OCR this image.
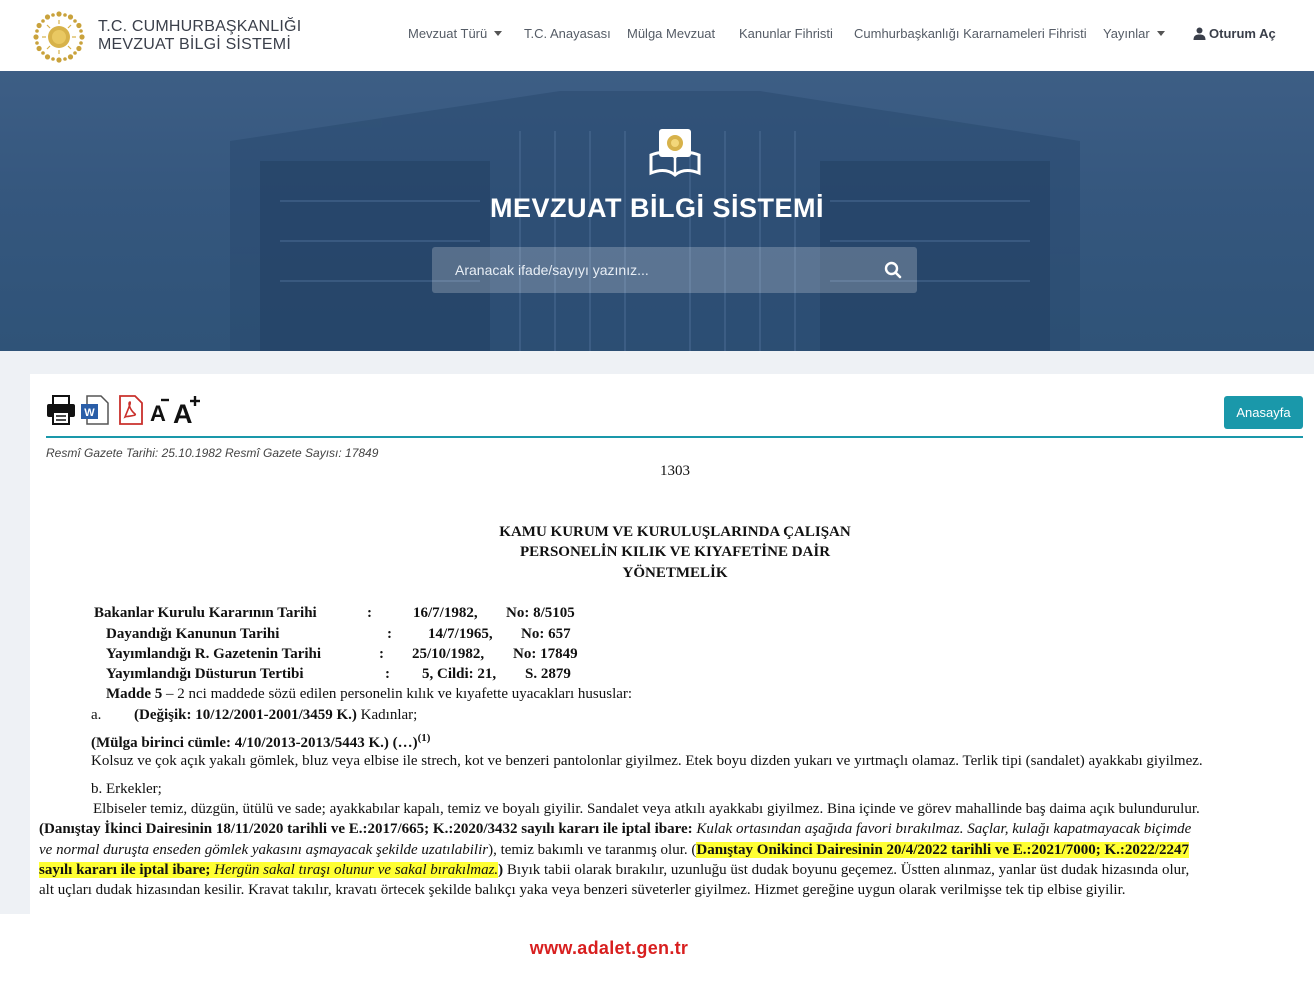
T.C. CUMHURBAŞKANLIĞI
MEVZUAT BİLGİ SİSTEMİ
Mevzuat Türü	T.C. Anayasası Mülga Mevzuat Kanunlar Fihristi Cumhurbaşkanlığı Kararnameleri Fihristi Yayınlar	Oturum Aç
MEVZUAT BİLGİ SİSTEMİ
Aranacak ifade/sayıyı yazınız...
W	A A	Anasayfa
Resmî Gazete Tarihi: 25.10.1982 Resmî Gazete Sayısı: 17849
1303
KAMU KURUM VE KURULUŞLARINDA ÇALIŞAN
PERSONELİN KILIK VE KIYAFETİNE DAİR
YÖNETMELİK
Bakanlar Kurulu Kararının Tarihi	:	16/7/1982, No: 8/5105
Dayandığı Kanunun Tarihi	: 14/7/1965, No: 657
Yayımlandığı R. Gazetenin Tarihi	: 25/10/1982, No: 17849
Yayımlandığı Düsturun Tertibi	: 5, Cildi: 21, S. 2879
Madde 5 – 2 nci maddede sözü edilen personelin kılık ve kıyafette uyacakları hususlar:
a. (Değişik: 10/12/2001-2001/3459 K.) Kadınlar;
(Mülga birinci cümle: 4/10/2013-2013/5443 K.) (…)$^{(1)}$
Kolsuz ve çok açık yakalı gömlek, bluz veya elbise ile strech, kot ve benzeri pantolonlar giyilmez. Etek boyu dizden yukarı ve yırtmaçlı olamaz. Terlik tipi (sandalet) ayakkabı giyilmez.
b. Erkekler;
Elbiseler temiz, düzgün, ütülü ve sade; ayakkabılar kapalı, temiz ve boyalı giyilir. Sandalet veya atkılı ayakkabı giyilmez. Bina içinde ve görev mahallinde baş daima açık bulundurulur.
(Danıştay İkinci Dairesinin 18/11/2020 tarihli ve E.:2017/665; K.:2020/3432 sayılı kararı ile iptal ibare: Kulak ortasından aşağıda favori bırakılmaz. Saçlar, kulağı kapatmayacak biçimde
ve normal duruşta enseden gömlek yakasını aşmayacak şekilde uzatılabilir), temiz bakımlı ve taranmış olur. (Danıştay Onikinci Dairesinin 20/4/2022 tarihli ve E.:2021/7000; K.:2022/2247
sayılı kararı ile iptal ibare; Hergün sakal tıraşı olunur ve sakal bırakılmaz.) Bıyık tabii olarak bırakılır, uzunluğu üst dudak boyunu geçemez. Üstten alınmaz, yanlar üst dudak hizasında olur,
alt uçları dudak hizasından kesilir. Kravat takılır, kravatı örtecek şekilde balıkçı yaka veya benzeri süveterler giyilmez. Hizmet gereğine uygun olarak verilmişse tek tip elbise giyilir.
www.adalet.gen.tr
